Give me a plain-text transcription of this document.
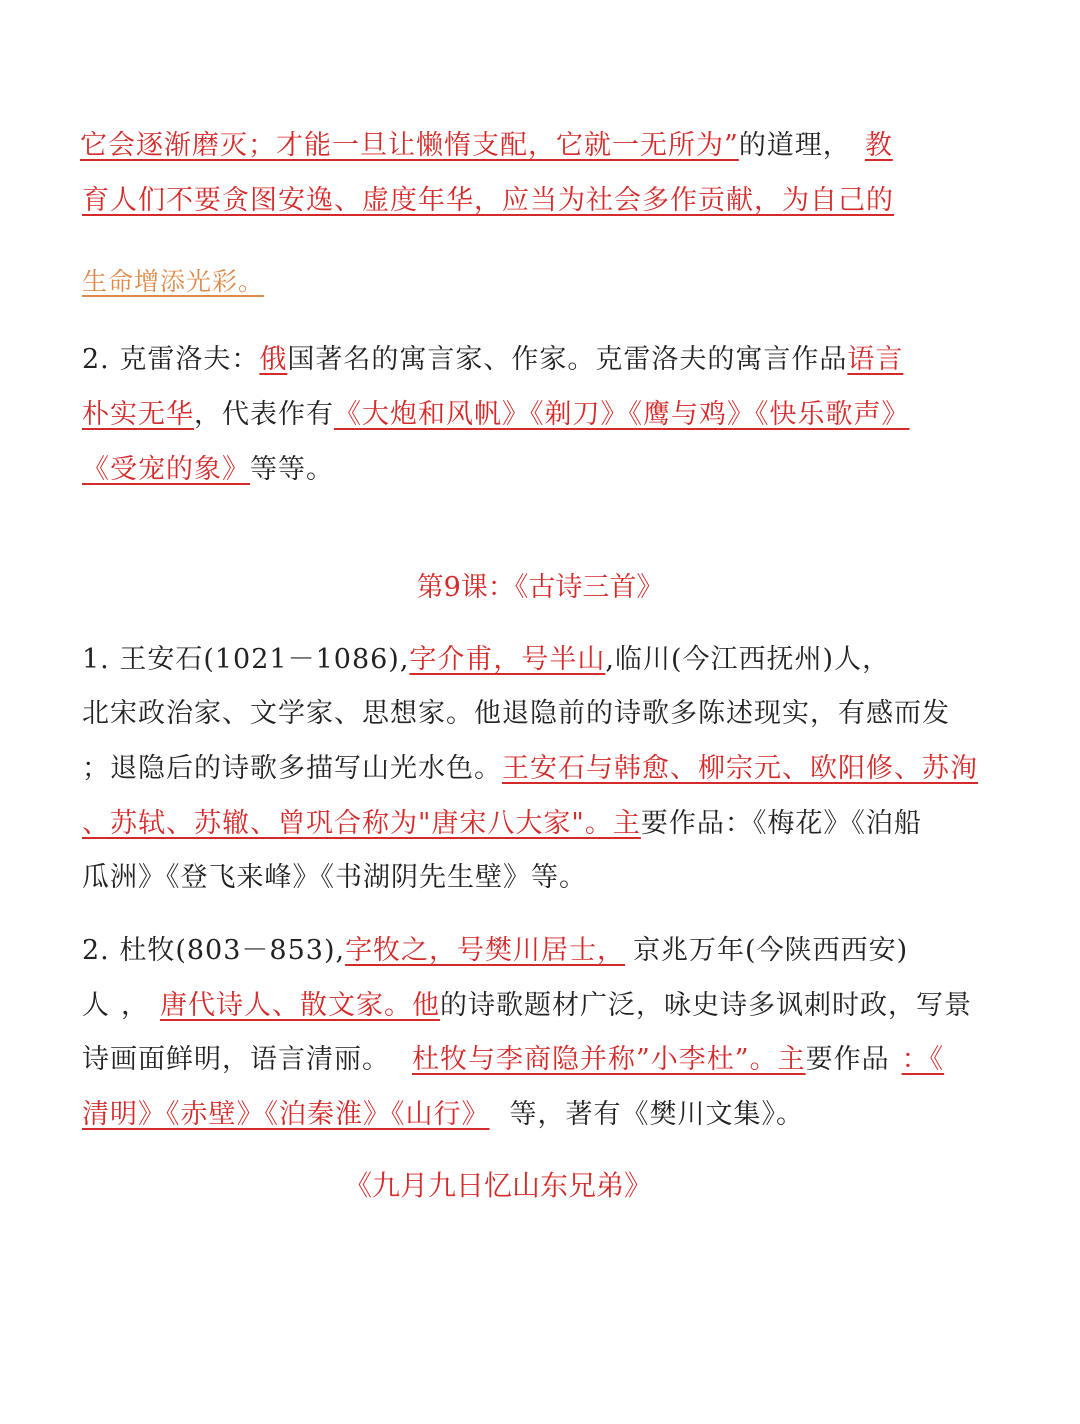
它会逐渐磨灭；才能一旦让懒惰支配，它就一无所为”的道理， 教
育人们不要贪图安逸、虚度年华，应当为社会多作贡献，为自己的
生命增添光彩。
2. 克雷洛夫：俄国著名的寓言家、作家。克雷洛夫的寓言作品语言
朴实无华，代表作有《大炮和风帆》《剃刀》《鹰与鸡》《快乐歌声》
《受宠的象》等等。
第9课：《古诗三首》
1. 王安石(1021－1086),字介甫，号半山,临川(今江西抚州)人，
北宋政治家、文学家、思想家。他退隐前的诗歌多陈述现实，有感而发
；退隐后的诗歌多描写山光水色。王安石与韩愈、柳宗元、欧阳修、苏洵
、苏轼、苏辙、曾巩合称为"唐宋八大家"。主要作品：《梅花》《泊船
瓜洲》《登飞来峰》《书湖阴先生壁》等。
2. 杜牧(803－853),字牧之，号樊川居士， 京兆万年(今陕西西安)
人，唐代诗人、散文家。他的诗歌题材广泛，咏史诗多讽刺时政，写景
诗画面鲜明，语言清丽。 杜牧与李商隐并称”小李杜”。主要作品 ：《
清明》《赤壁》《泊秦淮》《山行》 等，著有《樊川文集》。
《九月九日忆山东兄弟》
